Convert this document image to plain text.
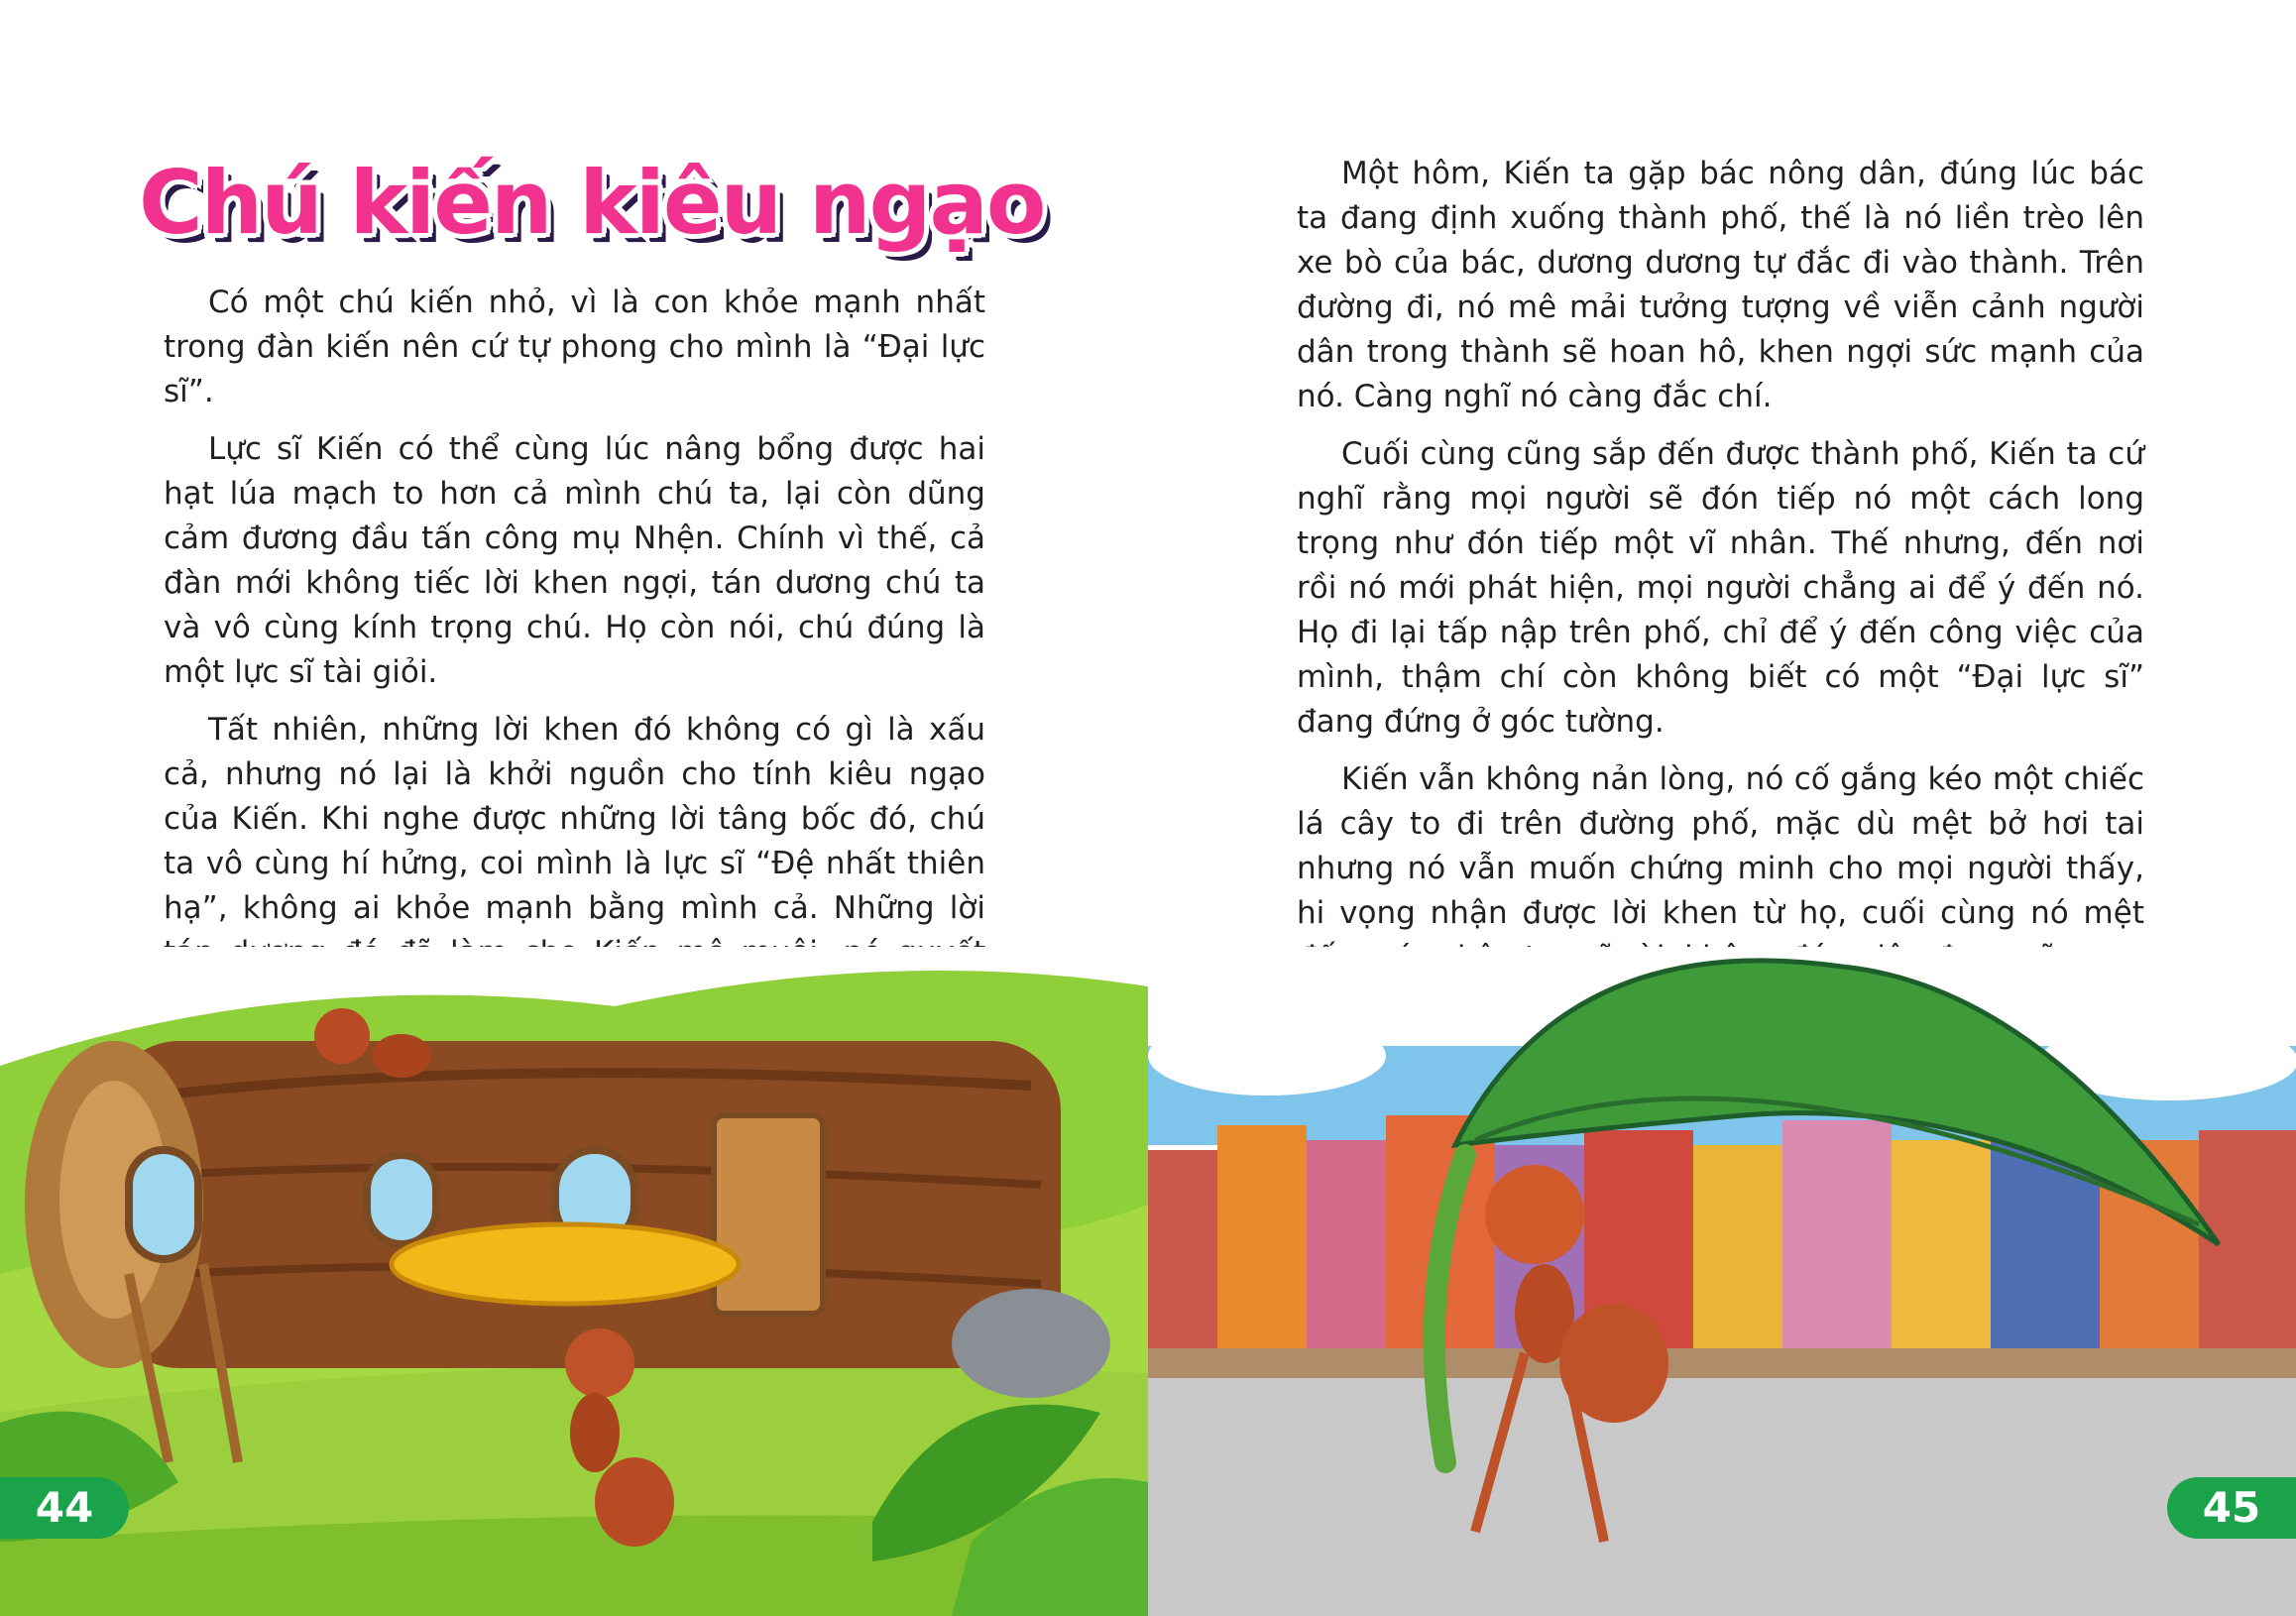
Chú kiến kiêu ngạo

Có một chú kiến nhỏ, vì là con khỏe mạnh nhất trong đàn kiến nên cứ tự phong cho mình là “Đại lực sĩ”.

Lực sĩ Kiến có thể cùng lúc nâng bổng được hai hạt lúa mạch to hơn cả mình chú ta, lại còn dũng cảm đương đầu tấn công mụ Nhện. Chính vì thế, cả đàn mới không tiếc lời khen ngợi, tán dương chú ta và vô cùng kính trọng chú. Họ còn nói, chú đúng là một lực sĩ tài giỏi.

Tất nhiên, những lời khen đó không có gì là xấu cả, nhưng nó lại là khởi nguồn cho tính kiêu ngạo của Kiến. Khi nghe được những lời tâng bốc đó, chú ta vô cùng hí hửng, coi mình là lực sĩ “Đệ nhất thiên hạ”, không ai khỏe mạnh bằng mình cả. Những lời

44

Một hôm, Kiến ta gặp bác nông dân, đúng lúc bác ta đang định xuống thành phố, thế là nó liền trèo lên xe bò của bác, dương dương tự đắc đi vào thành. Trên đường đi, nó mê mải tưởng tượng về viễn cảnh người dân trong thành sẽ hoan hô, khen ngợi sức mạnh của nó. Càng nghĩ nó càng đắc chí.

Cuối cùng cũng sắp đến được thành phố, Kiến ta cứ nghĩ rằng mọi người sẽ đón tiếp nó một cách long trọng như đón tiếp một vĩ nhân. Thế nhưng, đến nơi rồi nó mới phát hiện, mọi người chẳng ai để ý đến nó. Họ đi lại tấp nập trên phố, chỉ để ý đến công việc của mình, thậm chí còn không biết có một “Đại lực sĩ” đang đứng ở góc tường.

Kiến vẫn không nản lòng, nó cố gắng kéo một chiếc lá cây to đi trên đường phố, mặc dù mệt bở hơi tai nhưng nó vẫn muốn chứng minh cho mọi người thấy, hi vọng nhận được lời khen từ họ, cuối cùng nó mệt

45
